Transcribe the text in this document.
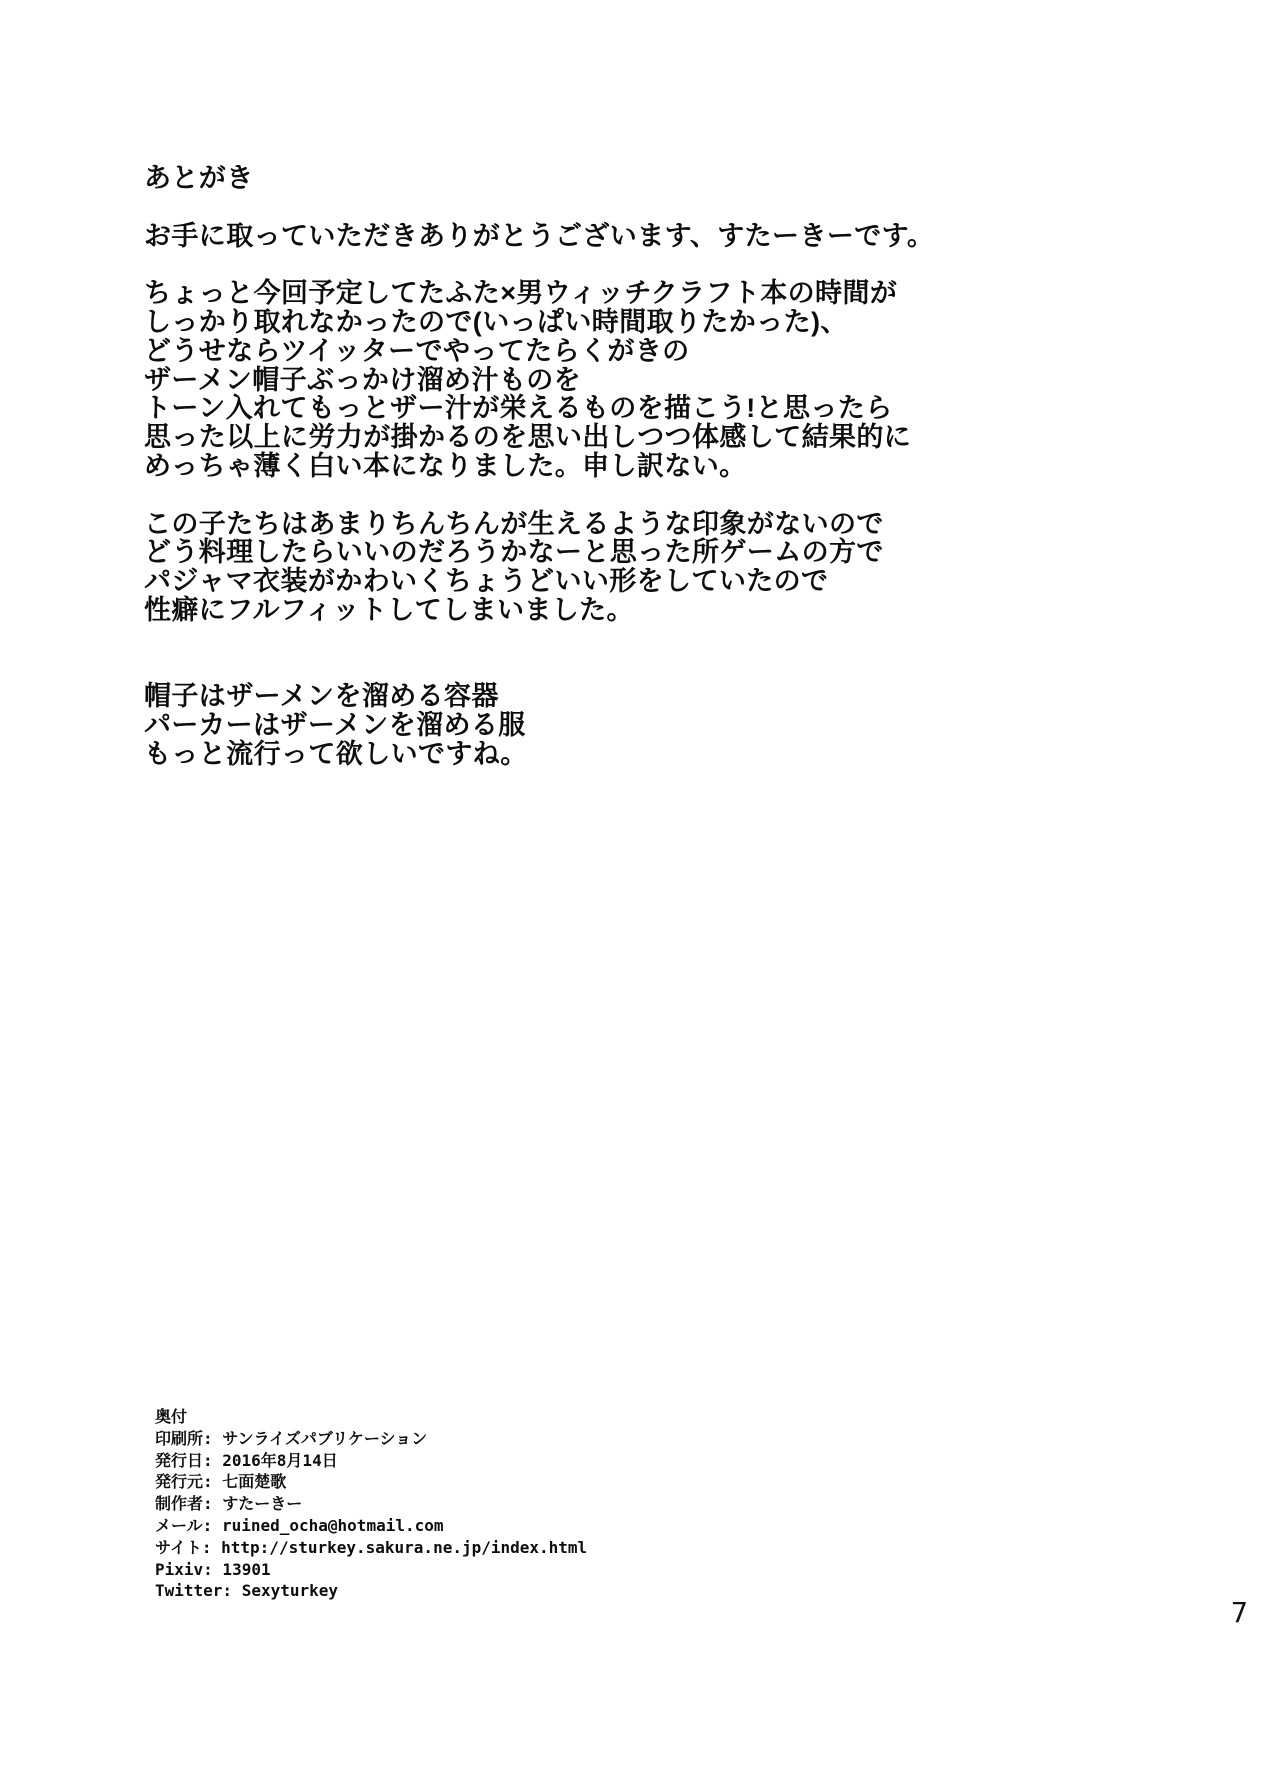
あとがき
お手に取っていただきありがとうございます、すたーきーです。
ちょっと今回予定してたふた×男ウィッチクラフト本の時間が
しっかり取れなかったので(いっぱい時間取りたかった)、
どうせならツイッターでやってたらくがきの
ザーメン帽子ぶっかけ溜め汁ものを
トーン入れてもっとザー汁が栄えるものを描こう!と思ったら
思った以上に労力が掛かるのを思い出しつつ体感して結果的に
めっちゃ薄く白い本になりました。申し訳ない。
この子たちはあまりちんちんが生えるような印象がないので
どう料理したらいいのだろうかなーと思った所ゲームの方で
パジャマ衣装がかわいくちょうどいい形をしていたので
性癖にフルフィットしてしまいました。
帽子はザーメンを溜める容器
パーカーはザーメンを溜める服
もっと流行って欲しいですね。
奥付
印刷所: サンライズパブリケーション
発行日: 2016年8月14日
発行元: 七面楚歌
制作者: すたーきー
メール: ruined_ocha@hotmail.com
サイト: http://sturkey.sakura.ne.jp/index.html
Pixiv: 13901
Twitter: Sexyturkey
7
